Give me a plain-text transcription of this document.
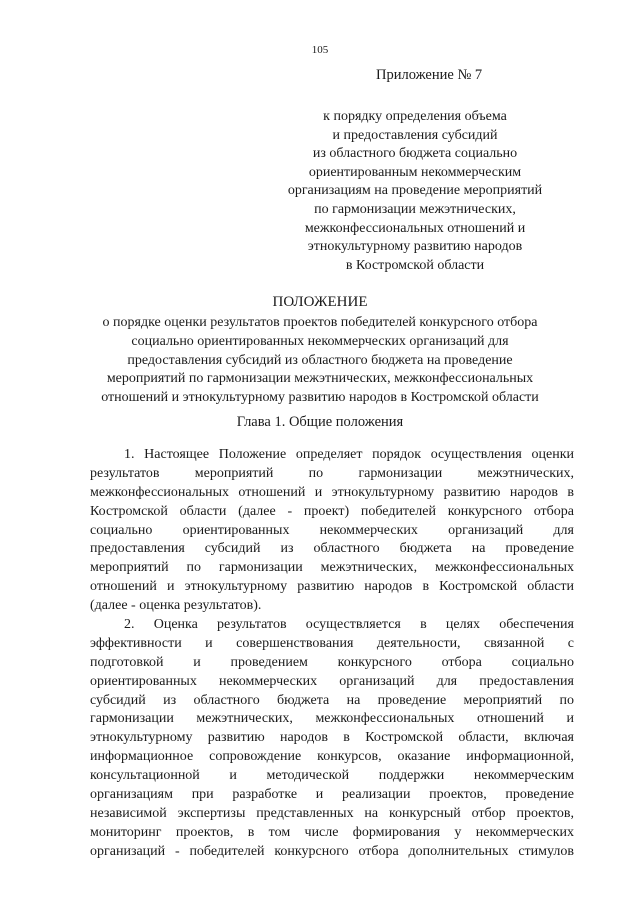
105
Приложение № 7
к порядку определения объема
и предоставления субсидий
из областного бюджета социально
ориентированным некоммерческим
организациям на проведение мероприятий
по гармонизации межэтнических,
межконфессиональных отношений и
этнокультурному развитию народов
в Костромской области
ПОЛОЖЕНИЕ
о порядке оценки результатов проектов победителей конкурсного отбора
социально ориентированных некоммерческих организаций для
предоставления субсидий из областного бюджета на проведение
мероприятий по гармонизации межэтнических, межконфессиональных
отношений и этнокультурному развитию народов в Костромской области
Глава 1. Общие положения
1. Настоящее Положение определяет порядок осуществления оценки
результатов мероприятий по гармонизации межэтнических,
межконфессиональных отношений и этнокультурному развитию народов в
Костромской области (далее - проект) победителей конкурсного отбора
социально ориентированных некоммерческих организаций для
предоставления субсидий из областного бюджета на проведение
мероприятий по гармонизации межэтнических, межконфессиональных
отношений и этнокультурному развитию народов в Костромской области
(далее - оценка результатов).
2. Оценка результатов осуществляется в целях обеспечения
эффективности и совершенствования деятельности, связанной с
подготовкой и проведением конкурсного отбора социально
ориентированных некоммерческих организаций для предоставления
субсидий из областного бюджета на проведение мероприятий по
гармонизации межэтнических, межконфессиональных отношений и
этнокультурному развитию народов в Костромской области, включая
информационное сопровождение конкурсов, оказание информационной,
консультационной и методической поддержки некоммерческим
организациям при разработке и реализации проектов, проведение
независимой экспертизы представленных на конкурсный отбор проектов,
мониторинг проектов, в том числе формирования у некоммерческих
организаций - победителей конкурсного отбора дополнительных стимулов
